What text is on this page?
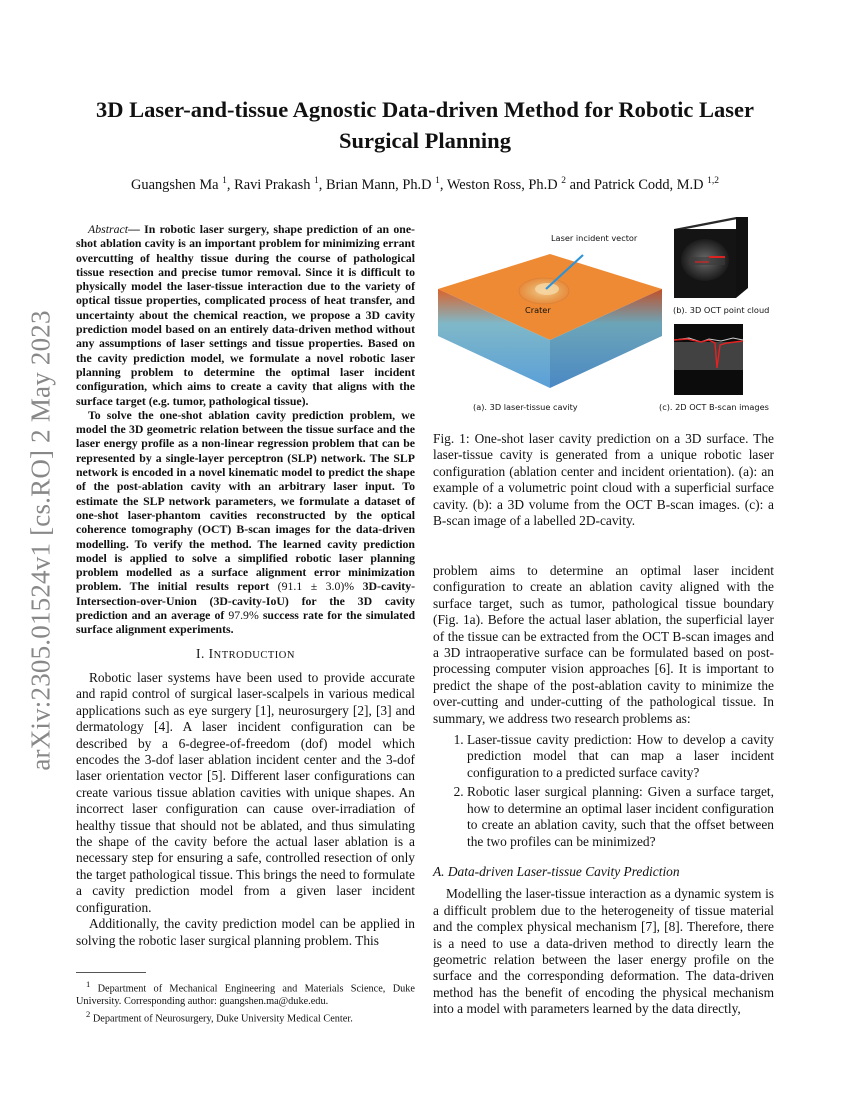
arXiv:2305.01524v1 [cs.RO] 2 May 2023
3D Laser-and-tissue Agnostic Data-driven Method for Robotic Laser Surgical Planning
Guangshen Ma $^1$, Ravi Prakash $^1$, Brian Mann, Ph.D $^1$, Weston Ross, Ph.D $^2$ and Patrick Codd, M.D $^{1,2}$

Abstract— In robotic laser surgery, shape prediction of an one-shot ablation cavity is an important problem for minimizing errant overcutting of healthy tissue during the course of pathological tissue resection and precise tumor removal. Since it is difficult to physically model the laser-tissue interaction due to the variety of optical tissue properties, complicated process of heat transfer, and uncertainty about the chemical reaction, we propose a 3D cavity prediction model based on an entirely data-driven method without any assumptions of laser settings and tissue properties. Based on the cavity prediction model, we formulate a novel robotic laser planning problem to determine the optimal laser incident configuration, which aims to create a cavity that aligns with the surface target (e.g. tumor, pathological tissue).

To solve the one-shot ablation cavity prediction problem, we model the 3D geometric relation between the tissue surface and the laser energy profile as a non-linear regression problem that can be represented by a single-layer perceptron (SLP) network. The SLP network is encoded in a novel kinematic model to predict the shape of the post-ablation cavity with an arbitrary laser input. To estimate the SLP network parameters, we formulate a dataset of one-shot laser-phantom cavities reconstructed by the optical coherence tomography (OCT) B-scan images for the data-driven modelling. To verify the method. The learned cavity prediction model is applied to solve a simplified robotic laser planning problem modelled as a surface alignment error minimization problem. The initial results report (91.1 ± 3.0)% 3D-cavity-Intersection-over-Union (3D-cavity-IoU) for the 3D cavity prediction and an average of 97.9% success rate for the simulated surface alignment experiments.

I. INTRODUCTION

Robotic laser systems have been used to provide accurate and rapid control of surgical laser-scalpels in various medical applications such as eye surgery [1], neurosurgery [2], [3] and dermatology [4]. A laser incident configuration can be described by a 6-degree-of-freedom (dof) model which encodes the 3-dof laser ablation incident center and the 3-dof laser orientation vector [5]. Different laser configurations can create various tissue ablation cavities with unique shapes. An incorrect laser configuration can cause over-irradiation of healthy tissue that should not be ablated, and thus simulating the shape of the cavity before the actual laser ablation is a necessary step for ensuring a safe, controlled resection of only the target pathological tissue. This brings the need to formulate a cavity prediction model from a given laser incident configuration.

Additionally, the cavity prediction model can be applied in solving the robotic laser surgical planning problem. This

$^1$ Department of Mechanical Engineering and Materials Science, Duke University. Corresponding author: guangshen.ma@duke.edu.

$^2$ Department of Neurosurgery, Duke University Medical Center.

Laser incident vector
Crater
(a). 3D laser-tissue cavity
(b). 3D OCT point cloud
(c). 2D OCT B-scan images
Fig. 1: One-shot laser cavity prediction on a 3D surface. The laser-tissue cavity is generated from a unique robotic laser configuration (ablation center and incident orientation). (a): an example of a volumetric point cloud with a superficial surface cavity. (b): a 3D volume from the OCT B-scan images. (c): a B-scan image of a labelled 2D-cavity.

problem aims to determine an optimal laser incident configuration to create an ablation cavity aligned with the surface target, such as tumor, pathological tissue boundary (Fig. 1a). Before the actual laser ablation, the superficial layer of the tissue can be extracted from the OCT B-scan images and a 3D intraoperative surface can be formulated based on post-processing computer vision approaches [6]. It is important to predict the shape of the post-ablation cavity to minimize the over-cutting and under-cutting of the pathological tissue. In summary, we address two research problems as:

1. Laser-tissue cavity prediction: How to develop a cavity prediction model that can map a laser incident configuration to a predicted surface cavity?
2. Robotic laser surgical planning: Given a surface target, how to determine an optimal laser incident configuration to create an ablation cavity, such that the offset between the two profiles can be minimized?
A. Data-driven Laser-tissue Cavity Prediction

Modelling the laser-tissue interaction as a dynamic system is a difficult problem due to the heterogeneity of tissue material and the complex physical mechanism [7], [8]. Therefore, there is a need to use a data-driven method to directly learn the geometric relation between the laser energy profile on the surface and the corresponding deformation. The data-driven method has the benefit of encoding the physical mechanism into a model with parameters learned by the data directly,
